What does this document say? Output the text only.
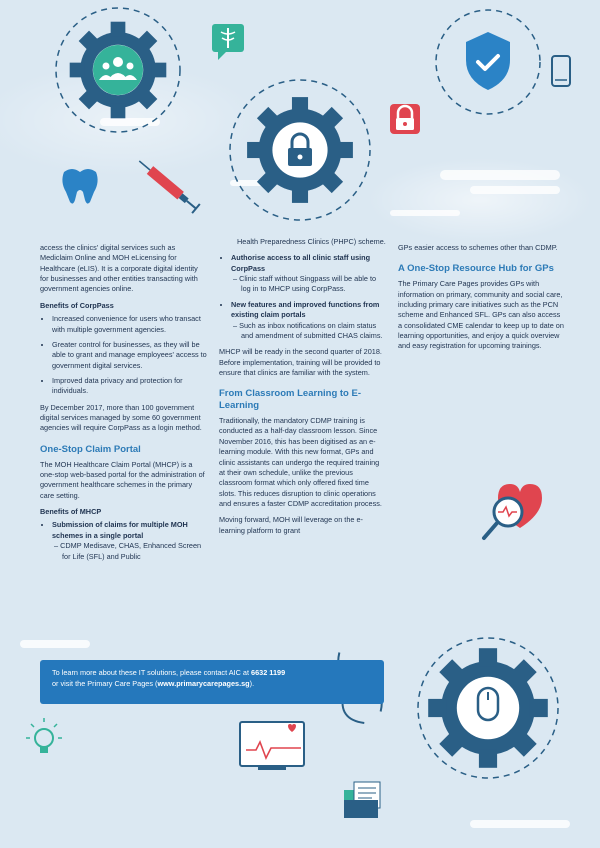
access the clinics' digital services such as Mediclaim Online and MOH eLicensing for Healthcare (eLIS). It is a corporate digital identity for businesses and other entities transacting with government agencies online.

Benefits of CorpPass

• Increased convenience for users who transact with multiple government agencies.
• Greater control for businesses, as they will be able to grant and manage employees' access to government digital services.
• Improved data privacy and protection for individuals.

By December 2017, more than 100 government digital services managed by some 60 government agencies will require CorpPass as a login method.

One-Stop Claim Portal

The MOH Healthcare Claim Portal (MHCP) is a one-stop web-based portal for the administration of government healthcare schemes in the primary care setting.

Benefits of MHCP

• Submission of claims for multiple MOH schemes in a single portal
– CDMP Medisave, CHAS, Enhanced Screen for Life (SFL) and Public

Health Preparedness Clinics (PHPC) scheme.

• Authorise access to all clinic staff using CorpPass
– Clinic staff without Singpass will be able to log in to MHCP using CorpPass.
• New features and improved functions from existing claim portals
– Such as inbox notifications on claim status and amendment of submitted CHAS claims.

MHCP will be ready in the second quarter of 2018. Before implementation, training will be provided to ensure that clinics are familiar with the system.

From Classroom Learning to E-Learning

Traditionally, the mandatory CDMP training is conducted as a half-day classroom lesson. Since November 2016, this has been digitised as an e-learning module. With this new format, GPs and clinic assistants can undergo the required training at their own schedule, unlike the previous classroom format which only offered fixed time slots. This reduces disruption to clinic operations and ensures a faster CDMP accreditation process.

Moving forward, MOH will leverage on the e-learning platform to grant

GPs easier access to schemes other than CDMP.

A One-Stop Resource Hub for GPs

The Primary Care Pages provides GPs with information on primary, community and social care, including primary care initiatives such as the PCN scheme and Enhanced SFL. GPs can also access a consolidated CME calendar to keep up to date on learning opportunities, and enjoy a quick overview and easy registration for upcoming trainings.

To learn more about these IT solutions, please contact AIC at 6632 1199
or visit the Primary Care Pages (www.primarycarepages.sg).
